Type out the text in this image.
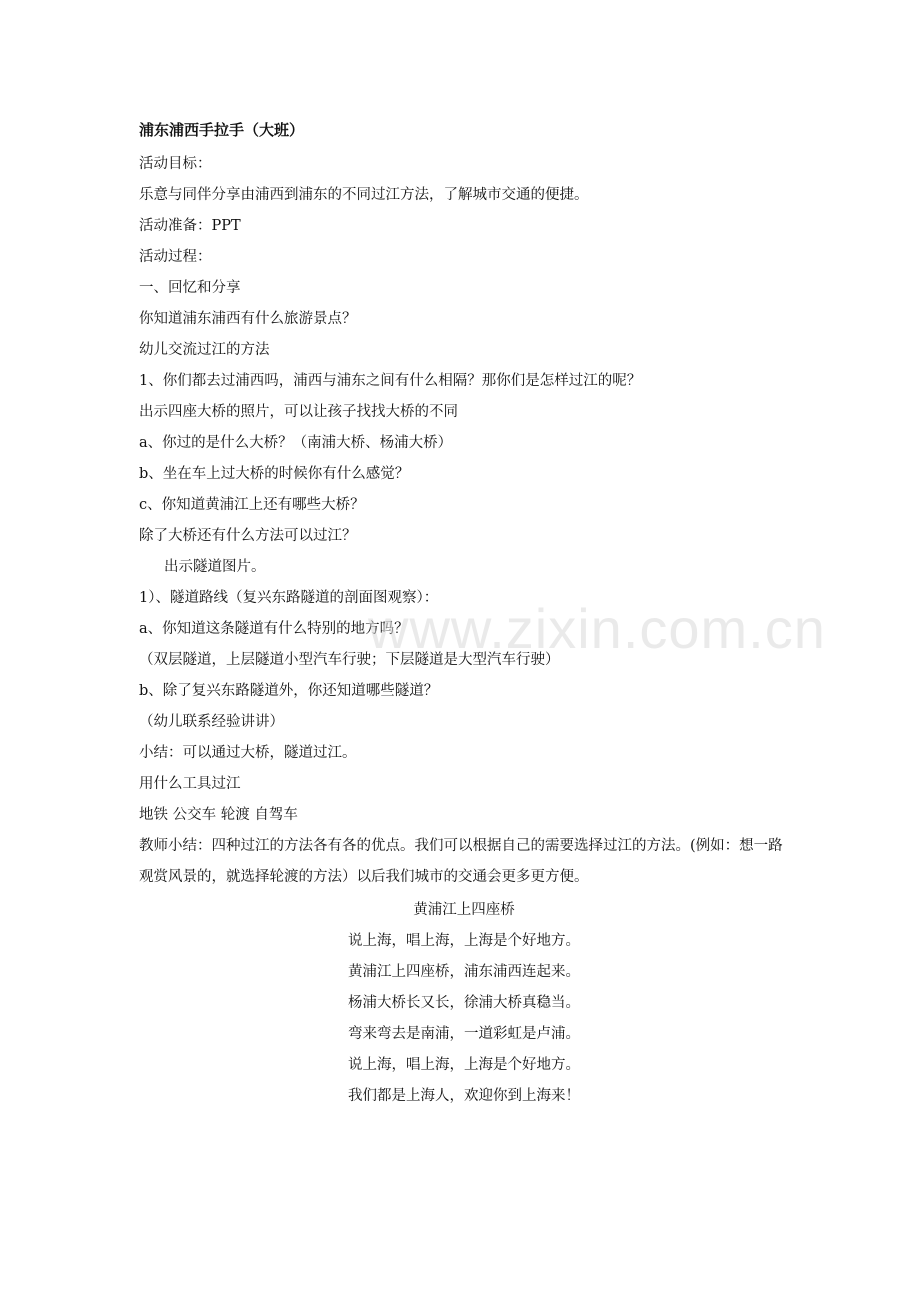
浦东浦西手拉手（大班）
活动目标：
乐意与同伴分享由浦西到浦东的不同过江方法，了解城市交通的便捷。
活动准备：PPT
活动过程：
一、回忆和分享
你知道浦东浦西有什么旅游景点？
幼儿交流过江的方法
1、你们都去过浦西吗，浦西与浦东之间有什么相隔？那你们是怎样过江的呢？
出示四座大桥的照片，可以让孩子找找大桥的不同
a、你过的是什么大桥？（南浦大桥、杨浦大桥）
b、坐在车上过大桥的时候你有什么感觉？
c、你知道黄浦江上还有哪些大桥？
除了大桥还有什么方法可以过江？
出示隧道图片。
1）、隧道路线（复兴东路隧道的剖面图观察）：
a、你知道这条隧道有什么特别的地方吗？
（双层隧道，上层隧道小型汽车行驶；下层隧道是大型汽车行驶）
b、除了复兴东路隧道外，你还知道哪些隧道？
（幼儿联系经验讲讲）
小结：可以通过大桥，隧道过江。
用什么工具过江
地铁 公交车 轮渡 自驾车
教师小结：四种过江的方法各有各的优点。我们可以根据自己的需要选择过江的方法。(例如：想一路观赏风景的，就选择轮渡的方法）以后我们城市的交通会更多更方便。
黄浦江上四座桥
说上海，唱上海，上海是个好地方。
黄浦江上四座桥，浦东浦西连起来。
杨浦大桥长又长，徐浦大桥真稳当。
弯来弯去是南浦，一道彩虹是卢浦。
说上海，唱上海，上海是个好地方。
我们都是上海人，欢迎你到上海来！
www.zixin.com.cn
